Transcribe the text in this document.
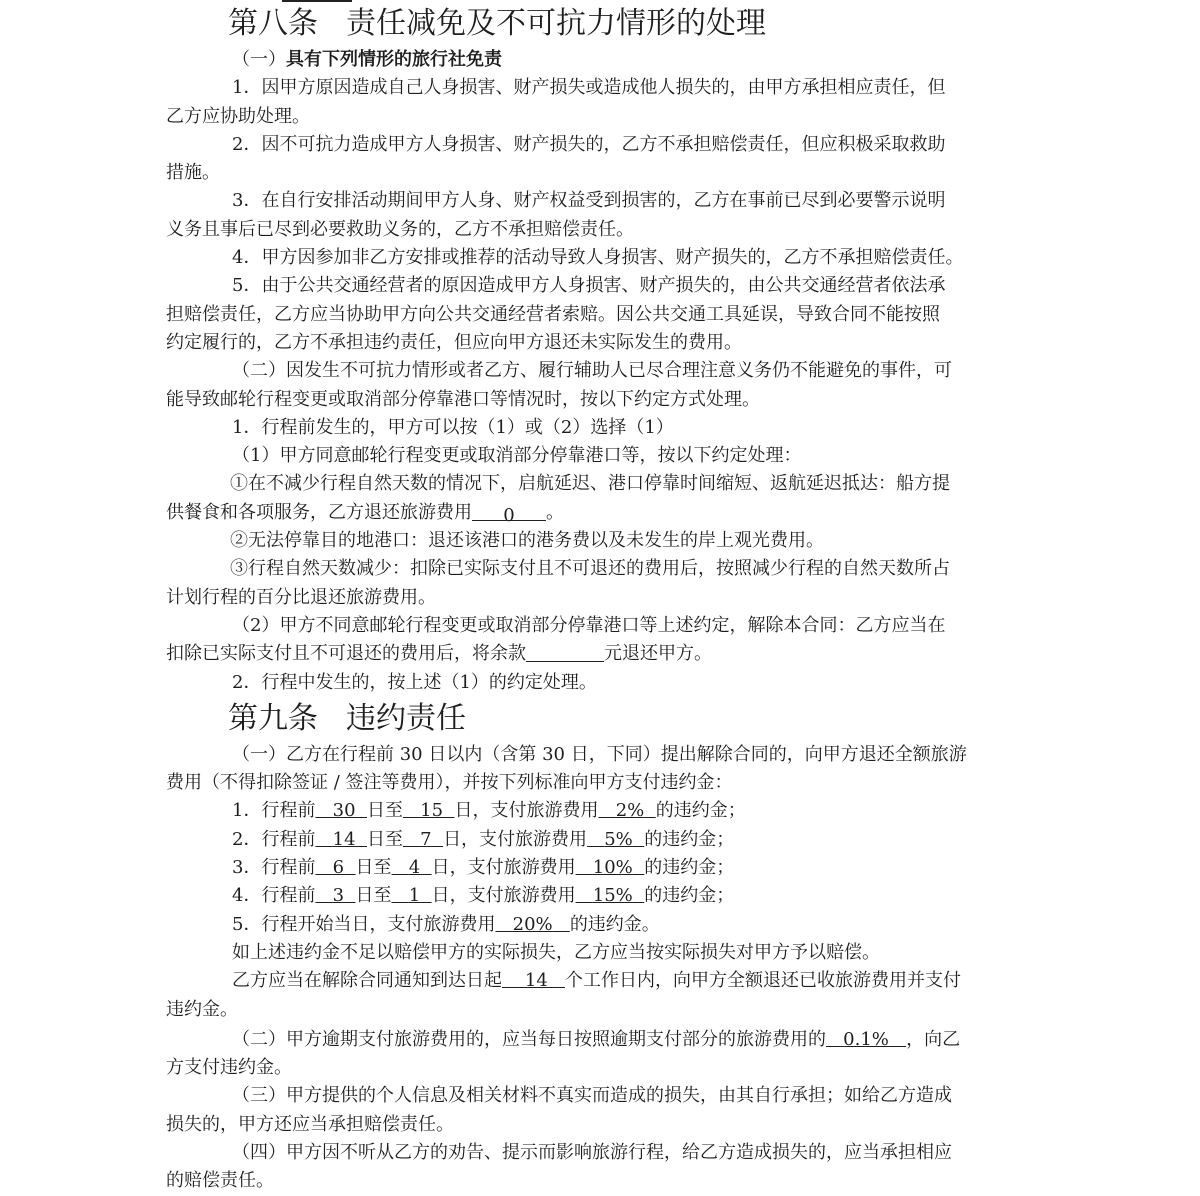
第八条 责任减免及不可抗力情形的处理
（一）具有下列情形的旅行社免责
1．因甲方原因造成自己人身损害、财产损失或造成他人损失的，由甲方承担相应责任，但
乙方应协助处理。
2．因不可抗力造成甲方人身损害、财产损失的，乙方不承担赔偿责任，但应积极采取救助
措施。
3．在自行安排活动期间甲方人身、财产权益受到损害的，乙方在事前已尽到必要警示说明
义务且事后已尽到必要救助义务的，乙方不承担赔偿责任。
4．甲方因参加非乙方安排或推荐的活动导致人身损害、财产损失的，乙方不承担赔偿责任。
5．由于公共交通经营者的原因造成甲方人身损害、财产损失的，由公共交通经营者依法承
担赔偿责任，乙方应当协助甲方向公共交通经营者索赔。因公共交通工具延误，导致合同不能按照
约定履行的，乙方不承担违约责任，但应向甲方退还未实际发生的费用。
（二）因发生不可抗力情形或者乙方、履行辅助人已尽合理注意义务仍不能避免的事件，可
能导致邮轮行程变更或取消部分停靠港口等情况时，按以下约定方式处理。
1．行程前发生的，甲方可以按（1）或（2）选择（1）
（1）甲方同意邮轮行程变更或取消部分停靠港口等，按以下约定处理：
①在不减少行程自然天数的情况下，启航延迟、港口停靠时间缩短、返航延迟抵达：船方提
供餐食和各项服务，乙方退还旅游费用 0 。
②无法停靠目的地港口：退还该港口的港务费以及未发生的岸上观光费用。
③行程自然天数减少：扣除已实际支付且不可退还的费用后，按照减少行程的自然天数所占
计划行程的百分比退还旅游费用。
（2）甲方不同意邮轮行程变更或取消部分停靠港口等上述约定，解除本合同：乙方应当在
扣除已实际支付且不可退还的费用后，将余款	元退还甲方。
2．行程中发生的，按上述（1）的约定处理。
第九条 违约责任
（一）乙方在行程前 30 日以内（含第 30 日，下同）提出解除合同的，向甲方退还全额旅游
费用（不得扣除签证 / 签注等费用），并按下列标准向甲方支付违约金：
1．行程前 30 日至 15 日，支付旅游费用 2% 的违约金；
2．行程前 14 日至 7 日，支付旅游费用 5% 的违约金；
3．行程前 6 日至 4 日，支付旅游费用 10% 的违约金；
4．行程前 3 日至 1 日，支付旅游费用 15% 的违约金；
5．行程开始当日，支付旅游费用 20% 的违约金。
如上述违约金不足以赔偿甲方的实际损失，乙方应当按实际损失对甲方予以赔偿。
乙方应当在解除合同通知到达日起 14 个工作日内，向甲方全额退还已收旅游费用并支付
违约金。
（二）甲方逾期支付旅游费用的，应当每日按照逾期支付部分的旅游费用的 0.1% ，向乙
方支付违约金。
（三）甲方提供的个人信息及相关材料不真实而造成的损失，由其自行承担；如给乙方造成
损失的，甲方还应当承担赔偿责任。
（四）甲方因不听从乙方的劝告、提示而影响旅游行程，给乙方造成损失的，应当承担相应
的赔偿责任。
